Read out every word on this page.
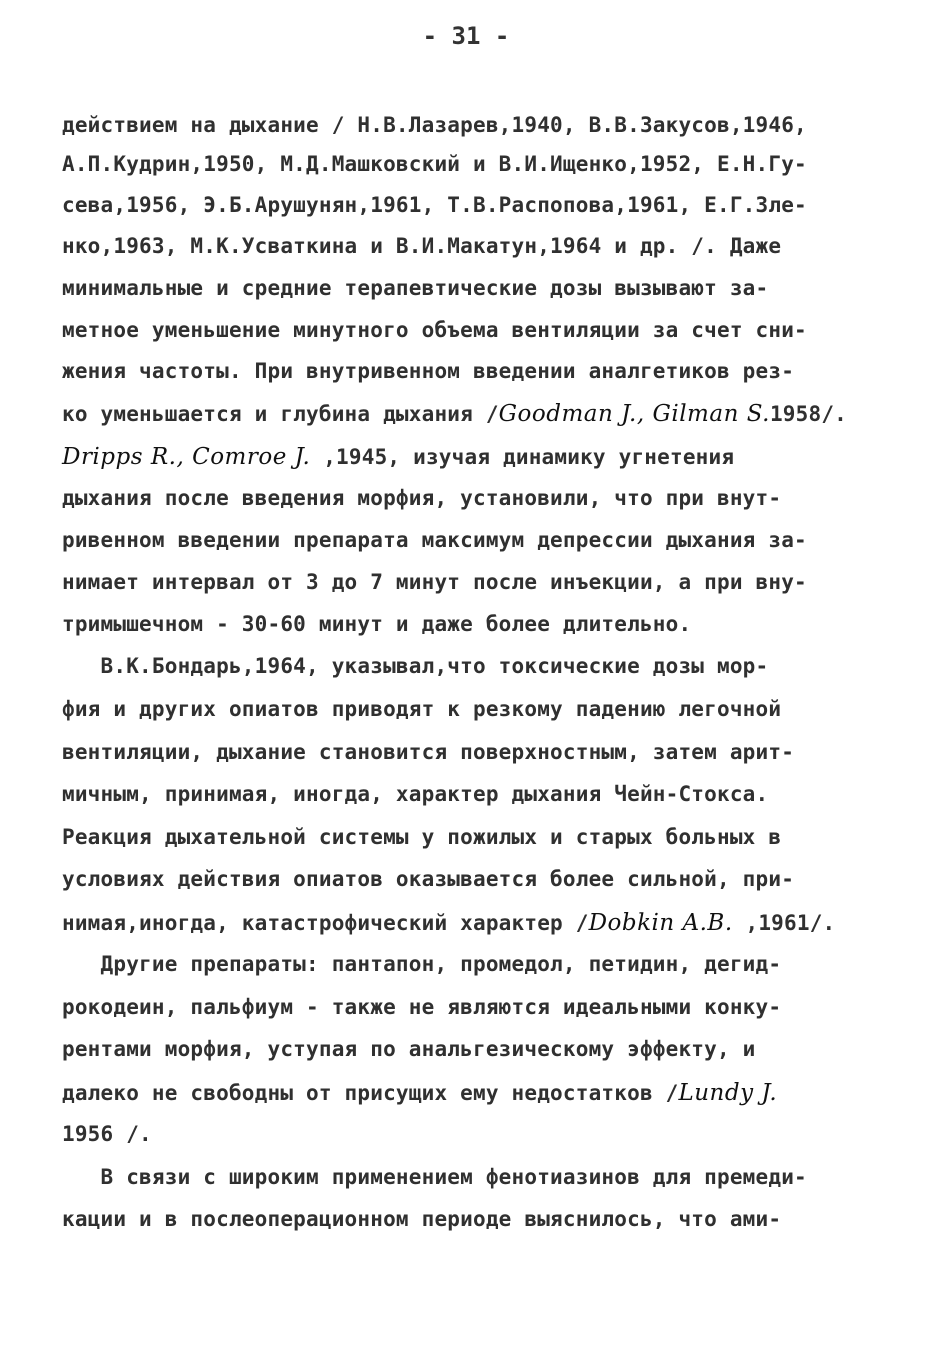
- 31 -
действием на дыхание / Н.В.Лазарев,1940, В.В.Закусов,1946,
А.П.Кудрин,1950, М.Д.Машковский и В.И.Ищенко,1952, Е.Н.Гу-
сева,1956, Э.Б.Арушунян,1961, Т.В.Распопова,1961, Е.Г.Зле-
нко,1963, М.К.Усваткина и В.И.Макатун,1964 и др. /. Даже
минимальные и средние терапевтические дозы вызывают за-
метное уменьшение минутного объема вентиляции за счет сни-
жения частоты. При внутривенном введении аналгетиков рез-
ко уменьшается и глубина дыхания /Goodman J., Gilman S.1958/.
Dripps R., Comroe J. ,1945, изучая динамику угнетения
дыхания после введения морфия, установили, что при внут-
ривенном введении препарата максимум депрессии дыхания за-
нимает интервал от 3 до 7 минут после инъекции, а при вну-
тримышечном - 30-60 минут и даже более длительно.
В.К.Бондарь,1964, указывал,что токсические дозы мор-
фия и других опиатов приводят к резкому падению легочной
вентиляции, дыхание становится поверхностным, затем арит-
мичным, принимая, иногда, характер дыхания Чейн-Стокса.
Реакция дыхательной системы у пожилых и старых больных в
условиях действия опиатов оказывается более сильной, при-
нимая,иногда, катастрофический характер /Dobkin A.B. ,1961/.
Другие препараты: пантапон, промедол, петидин, дегид-
рокодеин, пальфиум - также не являются идеальными конку-
рентами морфия, уступая по анальгезическому эффекту, и
далеко не свободны от присущих ему недостатков /Lundy J.
1956 /.
В связи с широким применением фенотиазинов для премеди-
кации и в послеоперационном периоде выяснилось, что ами-
